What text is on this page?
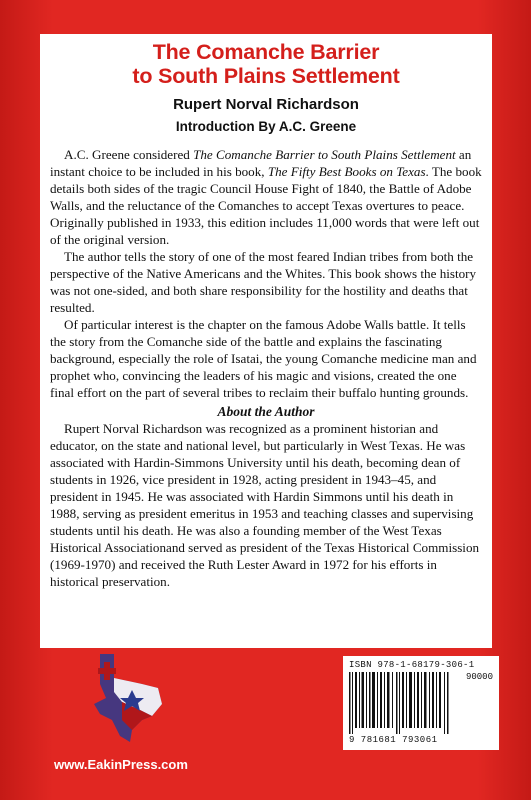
The Comanche Barrier
to South Plains Settlement
Rupert Norval Richardson
Introduction By A.C. Greene

A.C. Greene considered The Comanche Barrier to South Plains Settlement an instant choice to be included in his book, The Fifty Best Books on Texas. The book details both sides of the tragic Council House Fight of 1840, the Battle of Adobe Walls, and the reluctance of the Comanches to accept Texas overtures to peace. Originally published in 1933, this edition includes 11,000 words that were left out of the original version.

The author tells the story of one of the most feared Indian tribes from both the perspective of the Native Americans and the Whites. This book shows the history was not one-sided, and both share responsibility for the hostility and deaths that resulted.

Of particular interest is the chapter on the famous Adobe Walls battle. It tells the story from the Comanche side of the battle and explains the fascinating background, especially the role of Isatai, the young Comanche medicine man and prophet who, convincing the leaders of his magic and visions, created the one final effort on the part of several tribes to reclaim their buffalo hunting grounds.

About the Author

Rupert Norval Richardson was recognized as a prominent historian and educator, on the state and national level, but particularly in West Texas. He was associated with Hardin-Simmons University until his death, becoming dean of students in 1926, vice president in 1928, acting president in 1943–45, and president in 1945. He was associated with Hardin Simmons until his death in 1988, serving as president emeritus in 1953 and teaching classes and supervising students until his death. He was also a founding member of the West Texas Historical Associationand served as president of the Texas Historical Commission (1969-1970) and received the Ruth Lester Award in 1972 for his efforts in historical preservation.

ISBN 978-1-68179-306-1
90000
9 781681 793061
www.EakinPress.com
